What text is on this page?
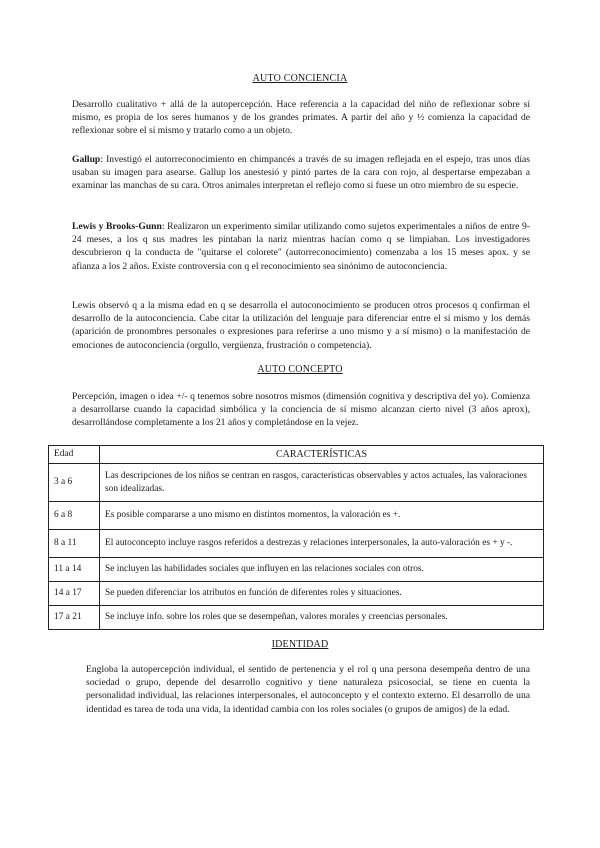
AUTO CONCIENCIA
Desarrollo cualitativo + allá de la autopercepción. Hace referencia a la capacidad del niño de reflexionar sobre sí mismo, es propia de los seres humanos y de los grandes primates. A partir del año y ½ comienza la capacidad de reflexionar sobre el sí mismo y tratarlo como a un objeto.
Gallup: Investigó el autorreconocimiento en chimpancés a través de su imagen reflejada en el espejo, tras unos días usaban su imagen para asearse. Gallup los anestesió y pintó partes de la cara con rojo, al despertarse empezaban a examinar las manchas de su cara. Otros animales interpretan el reflejo como si fuese un otro miembro de su especie.
Lewis y Brooks-Gunn: Realizaron un experimento similar utilizando como sujetos experimentales a niños de entre 9-24 meses, a los q sus madres les pintaban la nariz mientras hacían como q se limpiaban. Los investigadores descubrieron q la conducta de "quitarse el colorete" (autorreconocimiento) comenzaba a los 15 meses apox. y se afianza a los 2 años. Existe controversia con q el reconocimiento sea sinónimo de autoconciencia.
Lewis observó q a la misma edad en q se desarrolla el autoconocimiento se producen otros procesos q confirman el desarrollo de la autoconciencia. Cabe citar la utilización del lenguaje para diferenciar entre el sí mismo y los demás (aparición de pronombres personales o expresiones para referirse a uno mismo y a sí mismo) o la manifestación de emociones de autoconciencia (orgullo, vergüenza, frustración o competencia).
AUTO CONCEPTO
Percepción, imagen o idea +/- q tenemos sobre nosotros mismos (dimensión cognitiva y descriptiva del yo). Comienza a desarrollarse cuando la capacidad simbólica y la conciencia de sí mismo alcanzan cierto nivel (3 años aprox), desarrollándose completamente a los 21 años y completándose en la vejez.
Edad	CARACTERÍSTICAS
3 a 6	Las descripciones de los niños se centran en rasgos, características observables y actos actuales, las valoraciones son idealizadas.
6 a 8	Es posible compararse a uno mismo en distintos momentos, la valoración es +.
8 a 11	El autoconcepto incluye rasgos referidos a destrezas y relaciones interpersonales, la auto-valoración es + y -.
11 a 14	Se incluyen las habilidades sociales que influyen en las relaciones sociales con otros.
14 a 17	Se pueden diferenciar los atributos en función de diferentes roles y situaciones.
17 a 21	Se incluye info. sobre los roles que se desempeñan, valores morales y creencias personales.
IDENTIDAD
Engloba la autopercepción individual, el sentido de pertenencia y el rol q una persona desempeña dentro de una sociedad o grupo, depende del desarrollo cognitivo y tiene naturaleza psicosocial, se tiene en cuenta la personalidad individual, las relaciones interpersonales, el autoconcepto y el contexto externo. El desarrollo de una identidad es tarea de toda una vida, la identidad cambia con los roles sociales (o grupos de amigos) de la edad.
